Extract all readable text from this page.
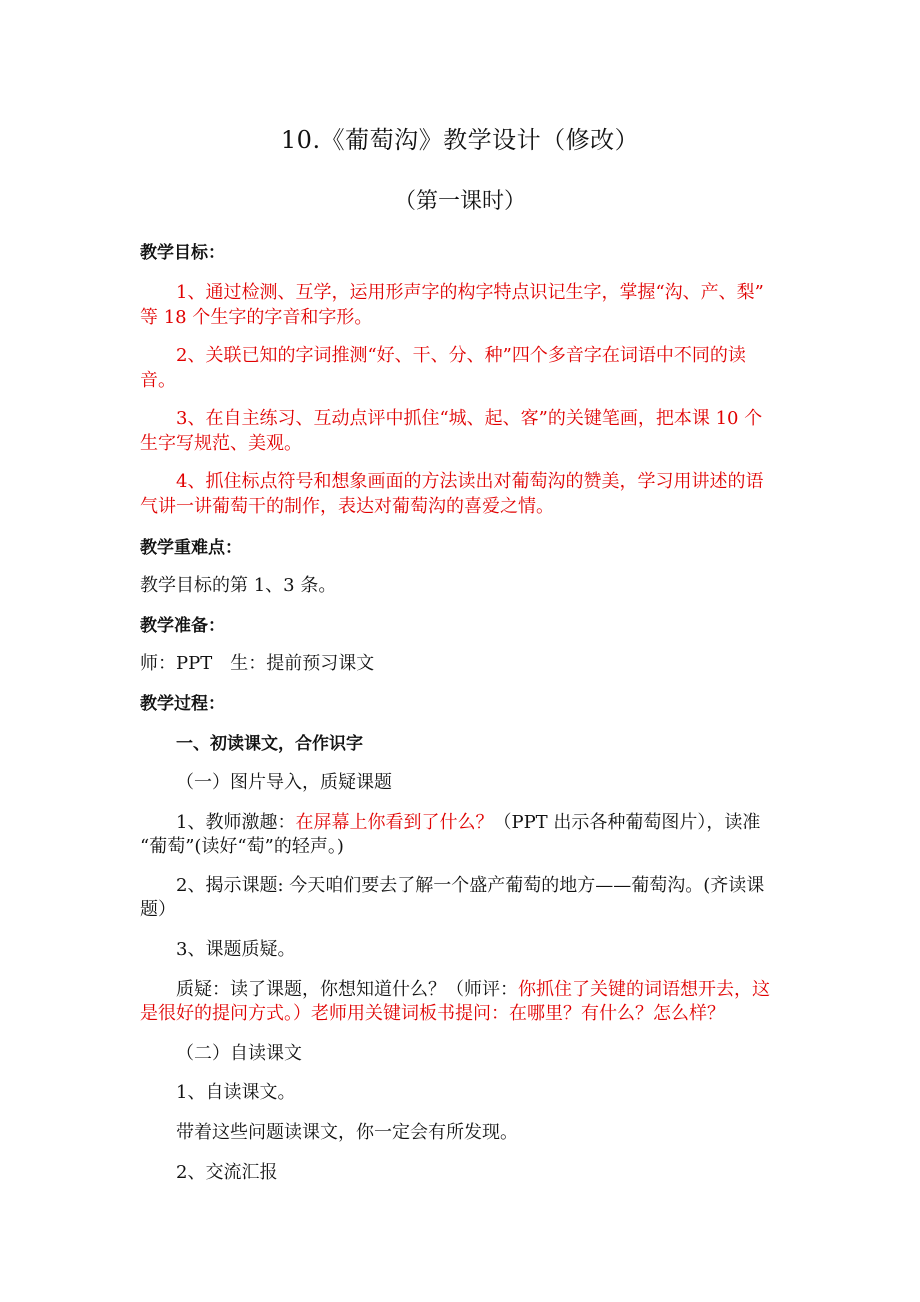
10.《葡萄沟》教学设计（修改）
（第一课时）
教学目标：
1、通过检测、互学，运用形声字的构字特点识记生字，掌握“沟、产、梨”
等 18 个生字的字音和字形。
2、关联已知的字词推测“好、干、分、种”四个多音字在词语中不同的读
音。
3、在自主练习、互动点评中抓住“城、起、客”的关键笔画，把本课 10 个
生字写规范、美观。
4、抓住标点符号和想象画面的方法读出对葡萄沟的赞美，学习用讲述的语
气讲一讲葡萄干的制作，表达对葡萄沟的喜爱之情。
教学重难点：
教学目标的第 1、3 条。
教学准备：
师：PPT　生：提前预习课文
教学过程：
一、初读课文，合作识字
（一）图片导入，质疑课题
1、教师激趣：在屏幕上你看到了什么？（PPT 出示各种葡萄图片），读准
“葡萄”(读好“萄”的轻声。)
2、揭示课题: 今天咱们要去了解一个盛产葡萄的地方——葡萄沟。(齐读课
题）
3、课题质疑。
质疑：读了课题，你想知道什么？（师评：你抓住了关键的词语想开去，这
是很好的提问方式。）老师用关键词板书提问：在哪里？有什么？怎么样？
（二）自读课文
1、自读课文。
带着这些问题读课文，你一定会有所发现。
2、交流汇报
